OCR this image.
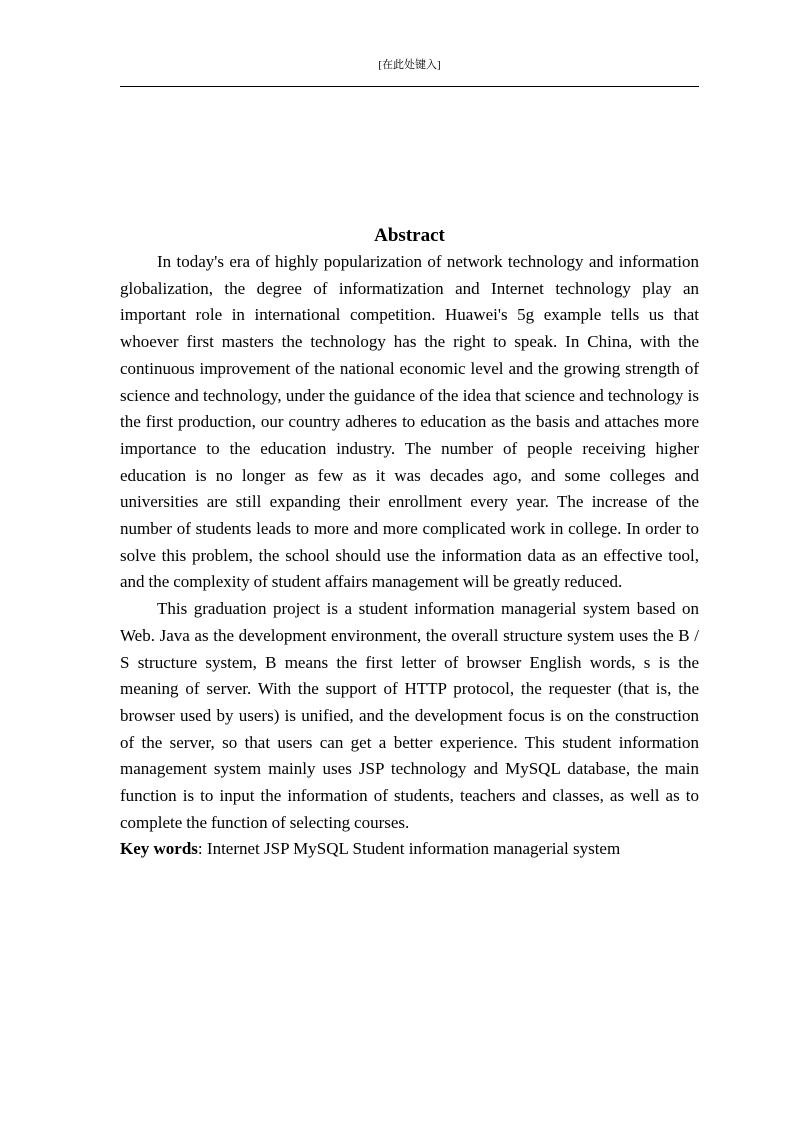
[在此处键入]
Abstract

In today's era of highly popularization of network technology and information globalization, the degree of informatization and Internet technology play an important role in international competition. Huawei's 5g example tells us that whoever first masters the technology has the right to speak. In China, with the continuous improvement of the national economic level and the growing strength of science and technology, under the guidance of the idea that science and technology is the first production, our country adheres to education as the basis and attaches more importance to the education industry. The number of people receiving higher education is no longer as few as it was decades ago, and some colleges and universities are still expanding their enrollment every year. The increase of the number of students leads to more and more complicated work in college. In order to solve this problem, the school should use the information data as an effective tool, and the complexity of student affairs management will be greatly reduced.

This graduation project is a student information managerial system based on Web. Java as the development environment, the overall structure system uses the B / S structure system, B means the first letter of browser English words, s is the meaning of server. With the support of HTTP protocol, the requester (that is, the browser used by users) is unified, and the development focus is on the construction of the server, so that users can get a better experience. This student information management system mainly uses JSP technology and MySQL database, the main function is to input the information of students, teachers and classes, as well as to complete the function of selecting courses.

Key words: Internet JSP MySQL Student information managerial system
